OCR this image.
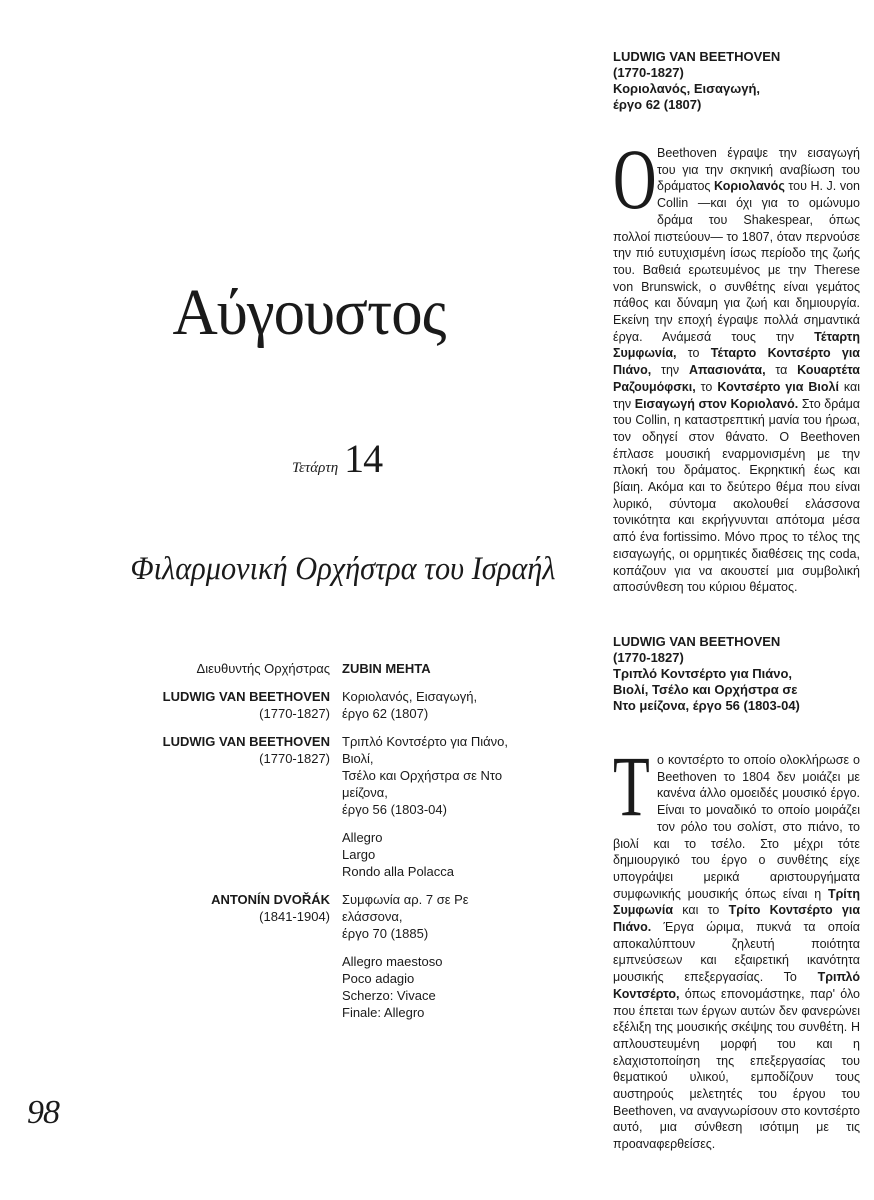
Αύγουστος
Τετάρτη 14
Φιλαρμονική Ορχήστρα του Ισραήλ
Διευθυντής Ορχήστρας ZUBIN MEHTA
LUDWIG VAN BEETHOVEN
(1770-1827)
Κοριολανός, Εισαγωγή,
έργο 62 (1807)
LUDWIG VAN BEETHOVEN
(1770-1827)
Τριπλό Κοντσέρτο για Πιάνο, Βιολί,
Τσέλο και Ορχήστρα σε Ντο μείζονα,
έργο 56 (1803-04)
Allegro
Largo
Rondo alla Polacca
ANTONÍN DVOŘÁK
(1841-1904)
Συμφωνία αρ. 7 σε Ρε ελάσσονα,
έργο 70 (1885)
Allegro maestoso
Poco adagio
Scherzo: Vivace
Finale: Allegro
98
LUDWIG VAN BEETHOVEN
(1770-1827)
Κοριολανός, Εισαγωγή,
έργο 62 (1807)
Ο Beethoven έγραψε την εισαγωγή του για την σκηνική αναβίωση του δράματος Κοριολανός του H. J. von Collin —και όχι για το ομώνυμο δράμα του Shakespear, όπως πολλοί πιστεύουν— το 1807, όταν περνούσε την πιό ευτυχισμένη ίσως περίοδο της ζωής του. Βαθειά ερωτευμένος με την Therese von Brunswick, ο συνθέτης είναι γεμάτος πάθος και δύναμη για ζωή και δημιουργία. Εκείνη την εποχή έγραψε πολλά σημαντικά έργα. Ανάμεσά τους την Τέταρτη Συμφωνία, το Τέταρτο Κοντσέρτο για Πιάνο, την Απασιονάτα, τα Κουαρτέτα Ραζουμόφσκι, το Κοντσέρτο για Βιολί και την Εισαγωγή στον Κοριολανό. Στο δράμα του Collin, η καταστρεπτική μανία του ήρωα, τον οδηγεί στον θάνατο. Ο Beethoven έπλασε μουσική εναρμονισμένη με την πλοκή του δράματος. Εκρηκτική έως και βίαιη. Ακόμα και το δεύτερο θέμα που είναι λυρικό, σύντομα ακολουθεί ελάσσονα τονικότητα και εκρήγνυνται απότομα μέσα από ένα fortissimo. Μόνο προς το τέλος της εισαγωγής, οι ορμητικές διαθέσεις της coda, κοπάζουν για να ακουστεί μια συμβολική αποσύνθεση του κύριου θέματος.
LUDWIG VAN BEETHOVEN
(1770-1827)
Τριπλό Κοντσέρτο για Πιάνο,
Βιολί, Τσέλο και Ορχήστρα σε
Ντο μείζονα, έργο 56 (1803-04)
Τ ο κοντσέρτο το οποίο ολοκλήρωσε ο Beethoven το 1804 δεν μοιάζει με κανένα άλλο ομοειδές μουσικό έργο. Είναι το μοναδικό το οποίο μοιράζει τον ρόλο του σολίστ, στο πιάνο, το βιολί και το τσέλο. Στο μέχρι τότε δημιουργικό του έργο ο συνθέτης είχε υπογράψει μερικά αριστουργήματα συμφωνικής μουσικής όπως είναι η Τρίτη Συμφωνία και το Τρίτο Κοντσέρτο για Πιάνο. Έργα ώριμα, πυκνά τα οποία αποκαλύπτουν ζηλευτή ποιότητα εμπνεύσεων και εξαιρετική ικανότητα μουσικής επεξεργασίας. Το Τριπλό Κοντσέρτο, όπως επονομάστηκε, παρ' όλο που έπεται των έργων αυτών δεν φανερώνει εξέλιξη της μουσικής σκέψης του συνθέτη. Η απλουστευμένη μορφή του και η ελαχιστοποίηση της επεξεργασίας του θεματικού υλικού, εμποδίζουν τους αυστηρούς μελετητές του έργου του Beethoven, να αναγνωρίσουν στο κοντσέρτο αυτό, μια σύνθεση ισότιμη με τις προαναφερθείσες.
